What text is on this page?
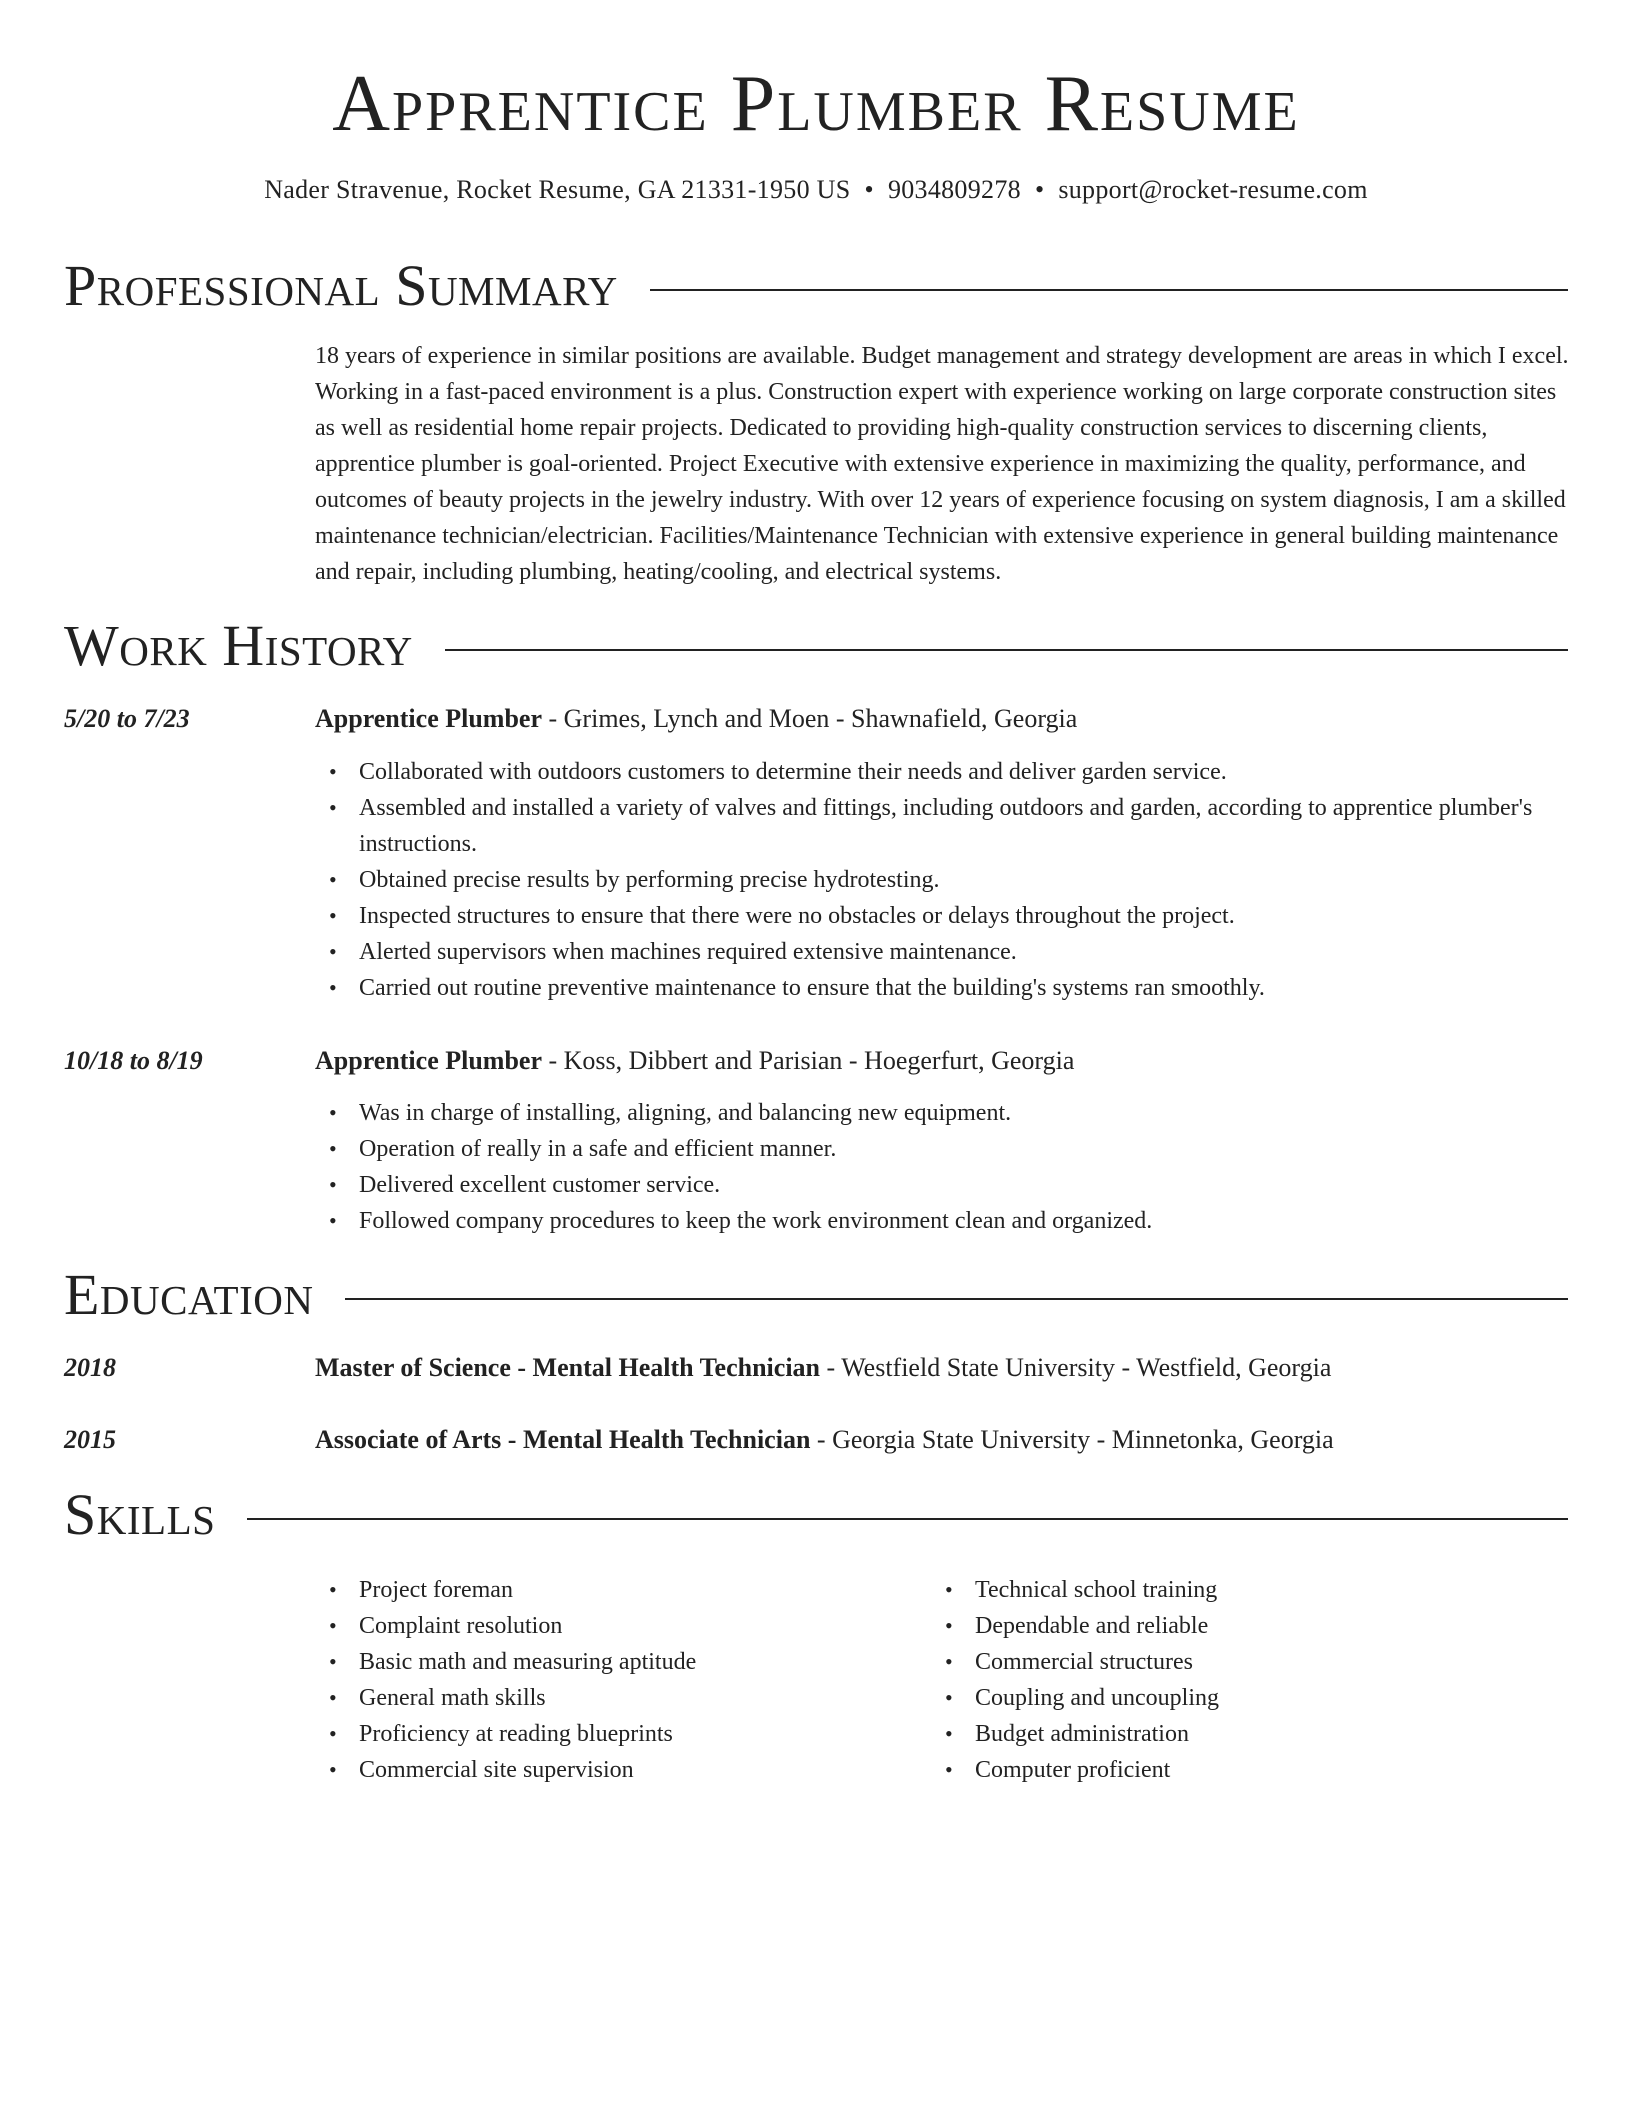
Apprentice Plumber Resume
Nader Stravenue, Rocket Resume, GA 21331-1950 US • 9034809278 • support@rocket-resume.com
Professional Summary

18 years of experience in similar positions are available. Budget management and strategy development are areas in which I excel. Working in a fast-paced environment is a plus. Construction expert with experience working on large corporate construction sites as well as residential home repair projects. Dedicated to providing high-quality construction services to discerning clients, apprentice plumber is goal-oriented. Project Executive with extensive experience in maximizing the quality, performance, and outcomes of beauty projects in the jewelry industry. With over 12 years of experience focusing on system diagnosis, I am a skilled maintenance technician/electrician. Facilities/Maintenance Technician with extensive experience in general building maintenance and repair, including plumbing, heating/cooling, and electrical systems.

Work History
5/20 to 7/23	Apprentice Plumber - Grimes, Lynch and Moen - Shawnafield, Georgia
• Collaborated with outdoors customers to determine their needs and deliver garden service.
• Assembled and installed a variety of valves and fittings, including outdoors and garden, according to apprentice plumber's instructions.
• Obtained precise results by performing precise hydrotesting.
• Inspected structures to ensure that there were no obstacles or delays throughout the project.
• Alerted supervisors when machines required extensive maintenance.
• Carried out routine preventive maintenance to ensure that the building's systems ran smoothly.
10/18 to 8/19	Apprentice Plumber - Koss, Dibbert and Parisian - Hoegerfurt, Georgia
• Was in charge of installing, aligning, and balancing new equipment.
• Operation of really in a safe and efficient manner.
• Delivered excellent customer service.
• Followed company procedures to keep the work environment clean and organized.
Education
2018	Master of Science - Mental Health Technician - Westfield State University - Westfield, Georgia
2015	Associate of Arts - Mental Health Technician - Georgia State University - Minnetonka, Georgia
Skills
• Project foreman
• Complaint resolution
• Basic math and measuring aptitude
• General math skills
• Proficiency at reading blueprints
• Commercial site supervision
• Technical school training
• Dependable and reliable
• Commercial structures
• Coupling and uncoupling
• Budget administration
• Computer proficient
